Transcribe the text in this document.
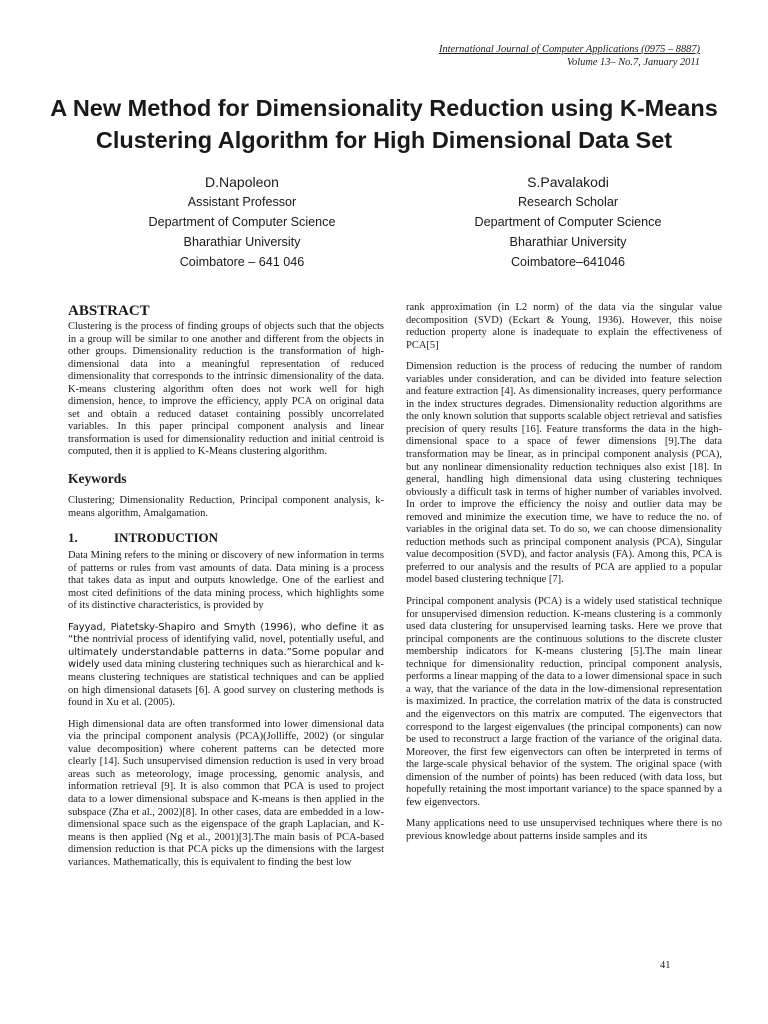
International Journal of Computer Applications (0975 – 8887)
Volume 13– No.7, January 2011
A New Method for Dimensionality Reduction using K-Means Clustering Algorithm for High Dimensional Data Set
D.Napoleon
Assistant Professor
Department of Computer Science
Bharathiar University
Coimbatore – 641 046
S.Pavalakodi
Research Scholar
Department of Computer Science
Bharathiar University
Coimbatore–641046
ABSTRACT

Clustering is the process of finding groups of objects such that the objects in a group will be similar to one another and different from the objects in other groups. Dimensionality reduction is the transformation of high-dimensional data into a meaningful representation of reduced dimensionality that corresponds to the intrinsic dimensionality of the data. K-means clustering algorithm often does not work well for high dimension, hence, to improve the efficiency, apply PCA on original data set and obtain a reduced dataset containing possibly uncorrelated variables. In this paper principal component analysis and linear transformation is used for dimensionality reduction and initial centroid is computed, then it is applied to K-Means clustering algorithm.

Keywords

Clustering; Dimensionality Reduction, Principal component analysis, k-means algorithm, Amalgamation.

1.	INTRODUCTION

Data Mining refers to the mining or discovery of new information in terms of patterns or rules from vast amounts of data. Data mining is a process that takes data as input and outputs knowledge. One of the earliest and most cited definitions of the data mining process, which highlights some of its distinctive characteristics, is provided by

Fayyad, Piatetsky-Shapiro and Smyth (1996), who define it as “the nontrivial process of identifying valid, novel, potentially useful, and ultimately understandable patterns in data.”Some popular and widely used data mining clustering techniques such as hierarchical and k-means clustering techniques are statistical techniques and can be applied on high dimensional datasets [6]. A good survey on clustering methods is found in Xu et al. (2005).

High dimensional data are often transformed into lower dimensional data via the principal component analysis (PCA)(Jolliffe, 2002) (or singular value decomposition) where coherent patterns can be detected more clearly [14]. Such unsupervised dimension reduction is used in very broad areas such as meteorology, image processing, genomic analysis, and information retrieval [9]. It is also common that PCA is used to project data to a lower dimensional subspace and K-means is then applied in the subspace (Zha et al., 2002)[8]. In other cases, data are embedded in a low-dimensional space such as the eigenspace of the graph Laplacian, and K-means is then applied (Ng et al., 2001)[3].The main basis of PCA-based dimension reduction is that PCA picks up the dimensions with the largest variances. Mathematically, this is equivalent to finding the best low

rank approximation (in L2 norm) of the data via the singular value decomposition (SVD) (Eckart & Young, 1936). However, this noise reduction property alone is inadequate to explain the effectiveness of PCA[5]

Dimension reduction is the process of reducing the number of random variables under consideration, and can be divided into feature selection and feature extraction [4]. As dimensionality increases, query performance in the index structures degrades. Dimensionality reduction algorithms are the only known solution that supports scalable object retrieval and satisfies precision of query results [16]. Feature transforms the data in the high-dimensional space to a space of fewer dimensions [9].The data transformation may be linear, as in principal component analysis (PCA), but any nonlinear dimensionality reduction techniques also exist [18]. In general, handling high dimensional data using clustering techniques obviously a difficult task in terms of higher number of variables involved. In order to improve the efficiency the noisy and outlier data may be removed and minimize the execution time, we have to reduce the no. of variables in the original data set. To do so, we can choose dimensionality reduction methods such as principal component analysis (PCA), Singular value decomposition (SVD), and factor analysis (FA). Among this, PCA is preferred to our analysis and the results of PCA are applied to a popular model based clustering technique [7].

Principal component analysis (PCA) is a widely used statistical technique for unsupervised dimension reduction. K-means clustering is a commonly used data clustering for unsupervised learning tasks. Here we prove that principal components are the continuous solutions to the discrete cluster membership indicators for K-means clustering [5].The main linear technique for dimensionality reduction, principal component analysis, performs a linear mapping of the data to a lower dimensional space in such a way, that the variance of the data in the low-dimensional representation is maximized. In practice, the correlation matrix of the data is constructed and the eigenvectors on this matrix are computed. The eigenvectors that correspond to the largest eigenvalues (the principal components) can now be used to reconstruct a large fraction of the variance of the original data. Moreover, the first few eigenvectors can often be interpreted in terms of the large-scale physical behavior of the system. The original space (with dimension of the number of points) has been reduced (with data loss, but hopefully retaining the most important variance) to the space spanned by a few eigenvectors.

Many applications need to use unsupervised techniques where there is no previous knowledge about patterns inside samples and its

41
